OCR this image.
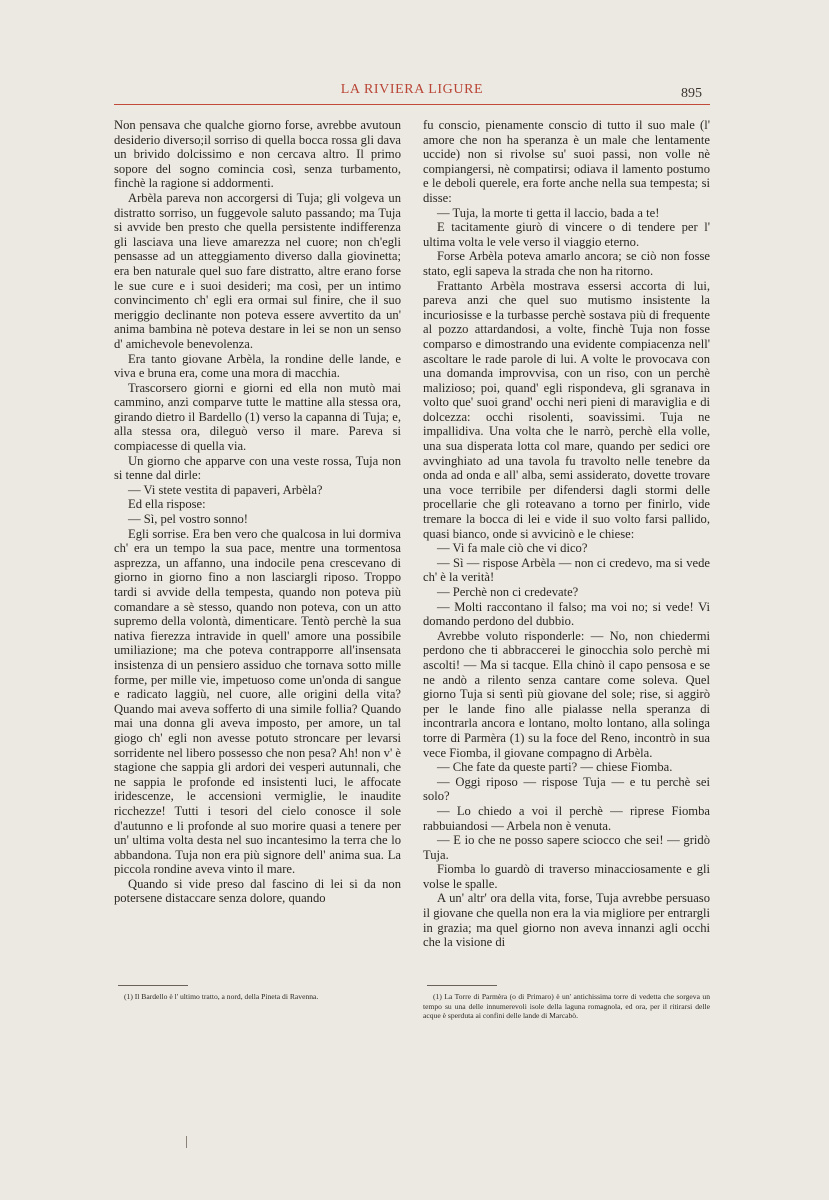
LA RIVIERA LIGURE	895

Non pensava che qualche giorno forse, avrebbe avutoun desiderio diverso;il sorriso di quella bocca rossa gli dava un brivido dolcissimo e non cercava altro. Il primo sopore del sogno comincia così, senza turbamento, finchè la ragione si addormenti.

Arbèla pareva non accorgersi di Tuja; gli volgeva un distratto sorriso, un fuggevole saluto passando; ma Tuja si avvide ben presto che quella persistente indifferenza gli lasciava una lieve amarezza nel cuore; non ch'egli pensasse ad un atteggiamento diverso dalla giovinetta; era ben naturale quel suo fare distratto, altre erano forse le sue cure e i suoi desideri; ma così, per un intimo convincimento ch' egli era ormai sul finire, che il suo meriggio declinante non poteva essere avvertito da un' anima bambina nè poteva destare in lei se non un senso d' amichevole benevolenza.

Era tanto giovane Arbèla, la rondine delle lande, e viva e bruna era, come una mora di macchia.

Trascorsero giorni e giorni ed ella non mutò mai cammino, anzi comparve tutte le mattine alla stessa ora, girando dietro il Bardello (1) verso la capanna di Tuja; e, alla stessa ora, dileguò verso il mare. Pareva si compiacesse di quella via.

Un giorno che apparve con una veste rossa, Tuja non si tenne dal dirle:

— Vi stete vestita di papaveri, Arbèla?

Ed ella rispose:

— Sì, pel vostro sonno!

Egli sorrise. Era ben vero che qualcosa in lui dormiva ch' era un tempo la sua pace, mentre una tormentosa asprezza, un affanno, una indocile pena crescevano di giorno in giorno fino a non lasciargli riposo. Troppo tardi si avvide della tempesta, quando non poteva più comandare a sè stesso, quando non poteva, con un atto supremo della volontà, dimenticare. Tentò perchè la sua nativa fierezza intravide in quell' amore una possibile umiliazione; ma che poteva contrapporre all'insensata insistenza di un pensiero assiduo che tornava sotto mille forme, per mille vie, impetuoso come un'onda di sangue e radicato laggiù, nel cuore, alle origini della vita? Quando mai aveva sofferto di una simile follia? Quando mai una donna gli aveva imposto, per amore, un tal giogo ch' egli non avesse potuto stroncare per levarsi sorridente nel libero possesso che non pesa? Ah! non v' è stagione che sappia gli ardori dei vesperi autunnali, che ne sappia le profonde ed insistenti luci, le affocate iridescenze, le accensioni vermiglie, le inaudite ricchezze! Tutti i tesori del cielo conosce il sole d'autunno e li profonde al suo morire quasi a tenere per un' ultima volta desta nel suo incantesimo la terra che lo abbandona. Tuja non era più signore dell' anima sua. La piccola rondine aveva vinto il mare.

Quando si vide preso dal fascino di lei si da non potersene distaccare senza dolore, quando

fu conscio, pienamente conscio di tutto il suo male (l' amore che non ha speranza è un male che lentamente uccide) non si rivolse su' suoi passi, non volle nè compiangersi, nè compatirsi; odiava il lamento postumo e le deboli querele, era forte anche nella sua tempesta; si disse:

— Tuja, la morte ti getta il laccio, bada a te!

E tacitamente giurò di vincere o di tendere per l' ultima volta le vele verso il viaggio eterno.

Forse Arbèla poteva amarlo ancora; se ciò non fosse stato, egli sapeva la strada che non ha ritorno.

Frattanto Arbèla mostrava essersi accorta di lui, pareva anzi che quel suo mutismo insistente la incuriosisse e la turbasse perchè sostava più di frequente al pozzo attardandosi, a volte, finchè Tuja non fosse comparso e dimostrando una evidente compiacenza nell' ascoltare le rade parole di lui. A volte le provocava con una domanda improvvisa, con un riso, con un perchè malizioso; poi, quand' egli rispondeva, gli sgranava in volto que' suoi grand' occhi neri pieni di maraviglia e di dolcezza: occhi risolenti, soavissimi. Tuja ne impallidiva. Una volta che le narrò, perchè ella volle, una sua disperata lotta col mare, quando per sedici ore avvinghiato ad una tavola fu travolto nelle tenebre da onda ad onda e all' alba, semi assiderato, dovette trovare una voce terribile per difendersi dagli stormi delle procellarie che gli roteavano a torno per finirlo, vide tremare la bocca di lei e vide il suo volto farsi pallido, quasi bianco, onde si avvicinò e le chiese:

— Vi fa male ciò che vi dico?

— Sì — rispose Arbèla — non ci credevo, ma si vede ch' è la verità!

— Perchè non ci credevate?

— Molti raccontano il falso; ma voi no; si vede! Vi domando perdono del dubbio.

Avrebbe voluto risponderle: — No, non chiedermi perdono che ti abbraccerei le ginocchia solo perchè mi ascolti! — Ma si tacque. Ella chinò il capo pensosa e se ne andò a rilento senza cantare come soleva. Quel giorno Tuja si sentì più giovane del sole; rise, si aggirò per le lande fino alle pialasse nella speranza di incontrarla ancora e lontano, molto lontano, alla solinga torre di Parmèra (1) su la foce del Reno, incontrò in sua vece Fiomba, il giovane compagno di Arbèla.

— Che fate da queste parti? — chiese Fiomba.

— Oggi riposo — rispose Tuja — e tu perchè sei solo?

— Lo chiedo a voi il perchè — riprese Fiomba rabbuiandosi — Arbela non è venuta.

— E io che ne posso sapere sciocco che sei! — gridò Tuja.

Fiomba lo guardò di traverso minacciosamente e gli volse le spalle.

A un' altr' ora della vita, forse, Tuja avrebbe persuaso il giovane che quella non era la via migliore per entrargli in grazia; ma quel giorno non aveva innanzi agli occhi che la visione di

(1) Il Bardello è l' ultimo tratto, a nord, della Pineta di Ravenna.	(1) La Torre di Parmèra (o di Primaro) è un' antichissima torre di vedetta che sorgeva un tempo su una delle innumerevoli isole della laguna romagnola, ed ora, per il ritirarsi delle acque è sperduta ai confini delle lande di Marcabò.
